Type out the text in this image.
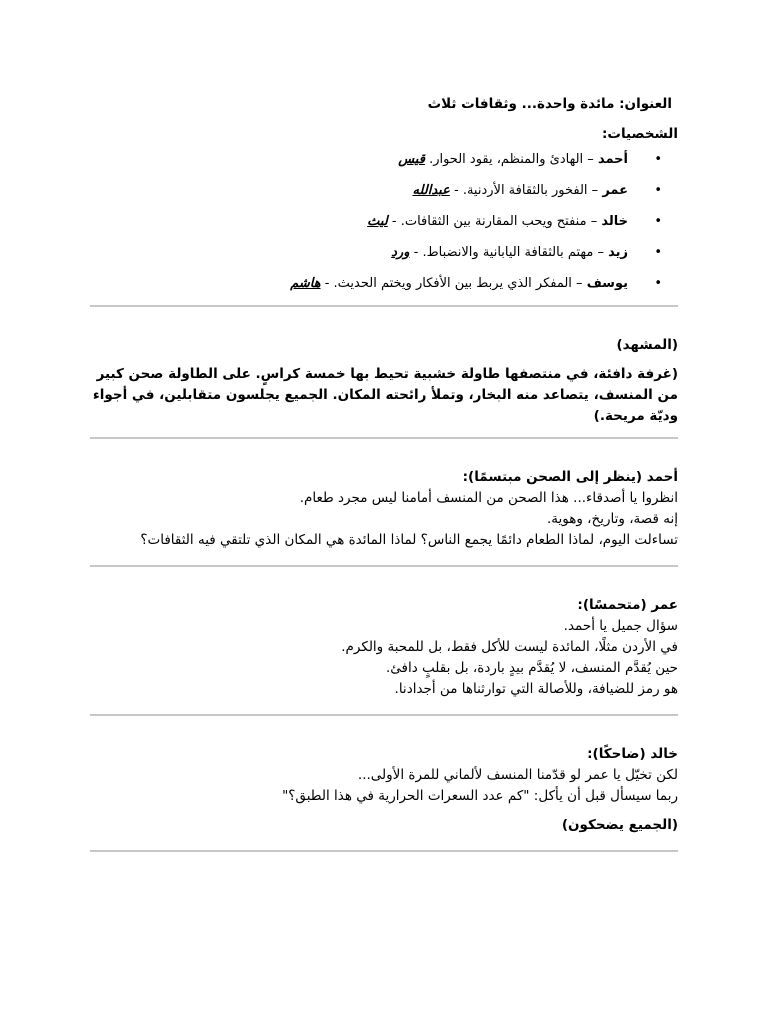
العنوان: مائدة واحدة... وثقافات ثلاث
الشخصيات:
•
أحمد – الهادئ والمنظم، يقود الحوار. قيس
•
عمر – الفخور بالثقافة الأردنية. - عبدالله
•
خالد – منفتح ويحب المقارنة بين الثقافات. - ليث
•
زيد – مهتم بالثقافة اليابانية والانضباط. - ورد
•
يوسف – المفكر الذي يربط بين الأفكار ويختم الحديث. - هاشم
(المشهد)
(غرفة دافئة، في منتصفها طاولة خشبية تحيط بها خمسة كراسٍ. على الطاولة صحن كبير من المنسف، يتصاعد منه البخار، وتملأ رائحته المكان. الجميع يجلسون متقابلين، في أجواء وديّة مريحة.)
أحمد (ينظر إلى الصحن مبتسمًا):
انظروا يا أصدقاء... هذا الصحن من المنسف أمامنا ليس مجرد طعام.
إنه قصة، وتاريخ، وهوية.
تساءلت اليوم، لماذا الطعام دائمًا يجمع الناس؟ لماذا المائدة هي المكان الذي تلتقي فيه الثقافات؟
عمر (متحمسًا):
سؤال جميل يا أحمد.
في الأردن مثلًا، المائدة ليست للأكل فقط، بل للمحبة والكرم.
حين يُقدَّم المنسف، لا يُقدَّم بيدٍ باردة، بل بقلبٍ دافئ.
هو رمز للضيافة، وللأصالة التي توارثناها من أجدادنا.
خالد (ضاحكًا):
لكن تخيّل يا عمر لو قدّمنا المنسف لألماني للمرة الأولى...
ربما سيسأل قبل أن يأكل: "كم عدد السعرات الحرارية في هذا الطبق؟"
(الجميع يضحكون)
